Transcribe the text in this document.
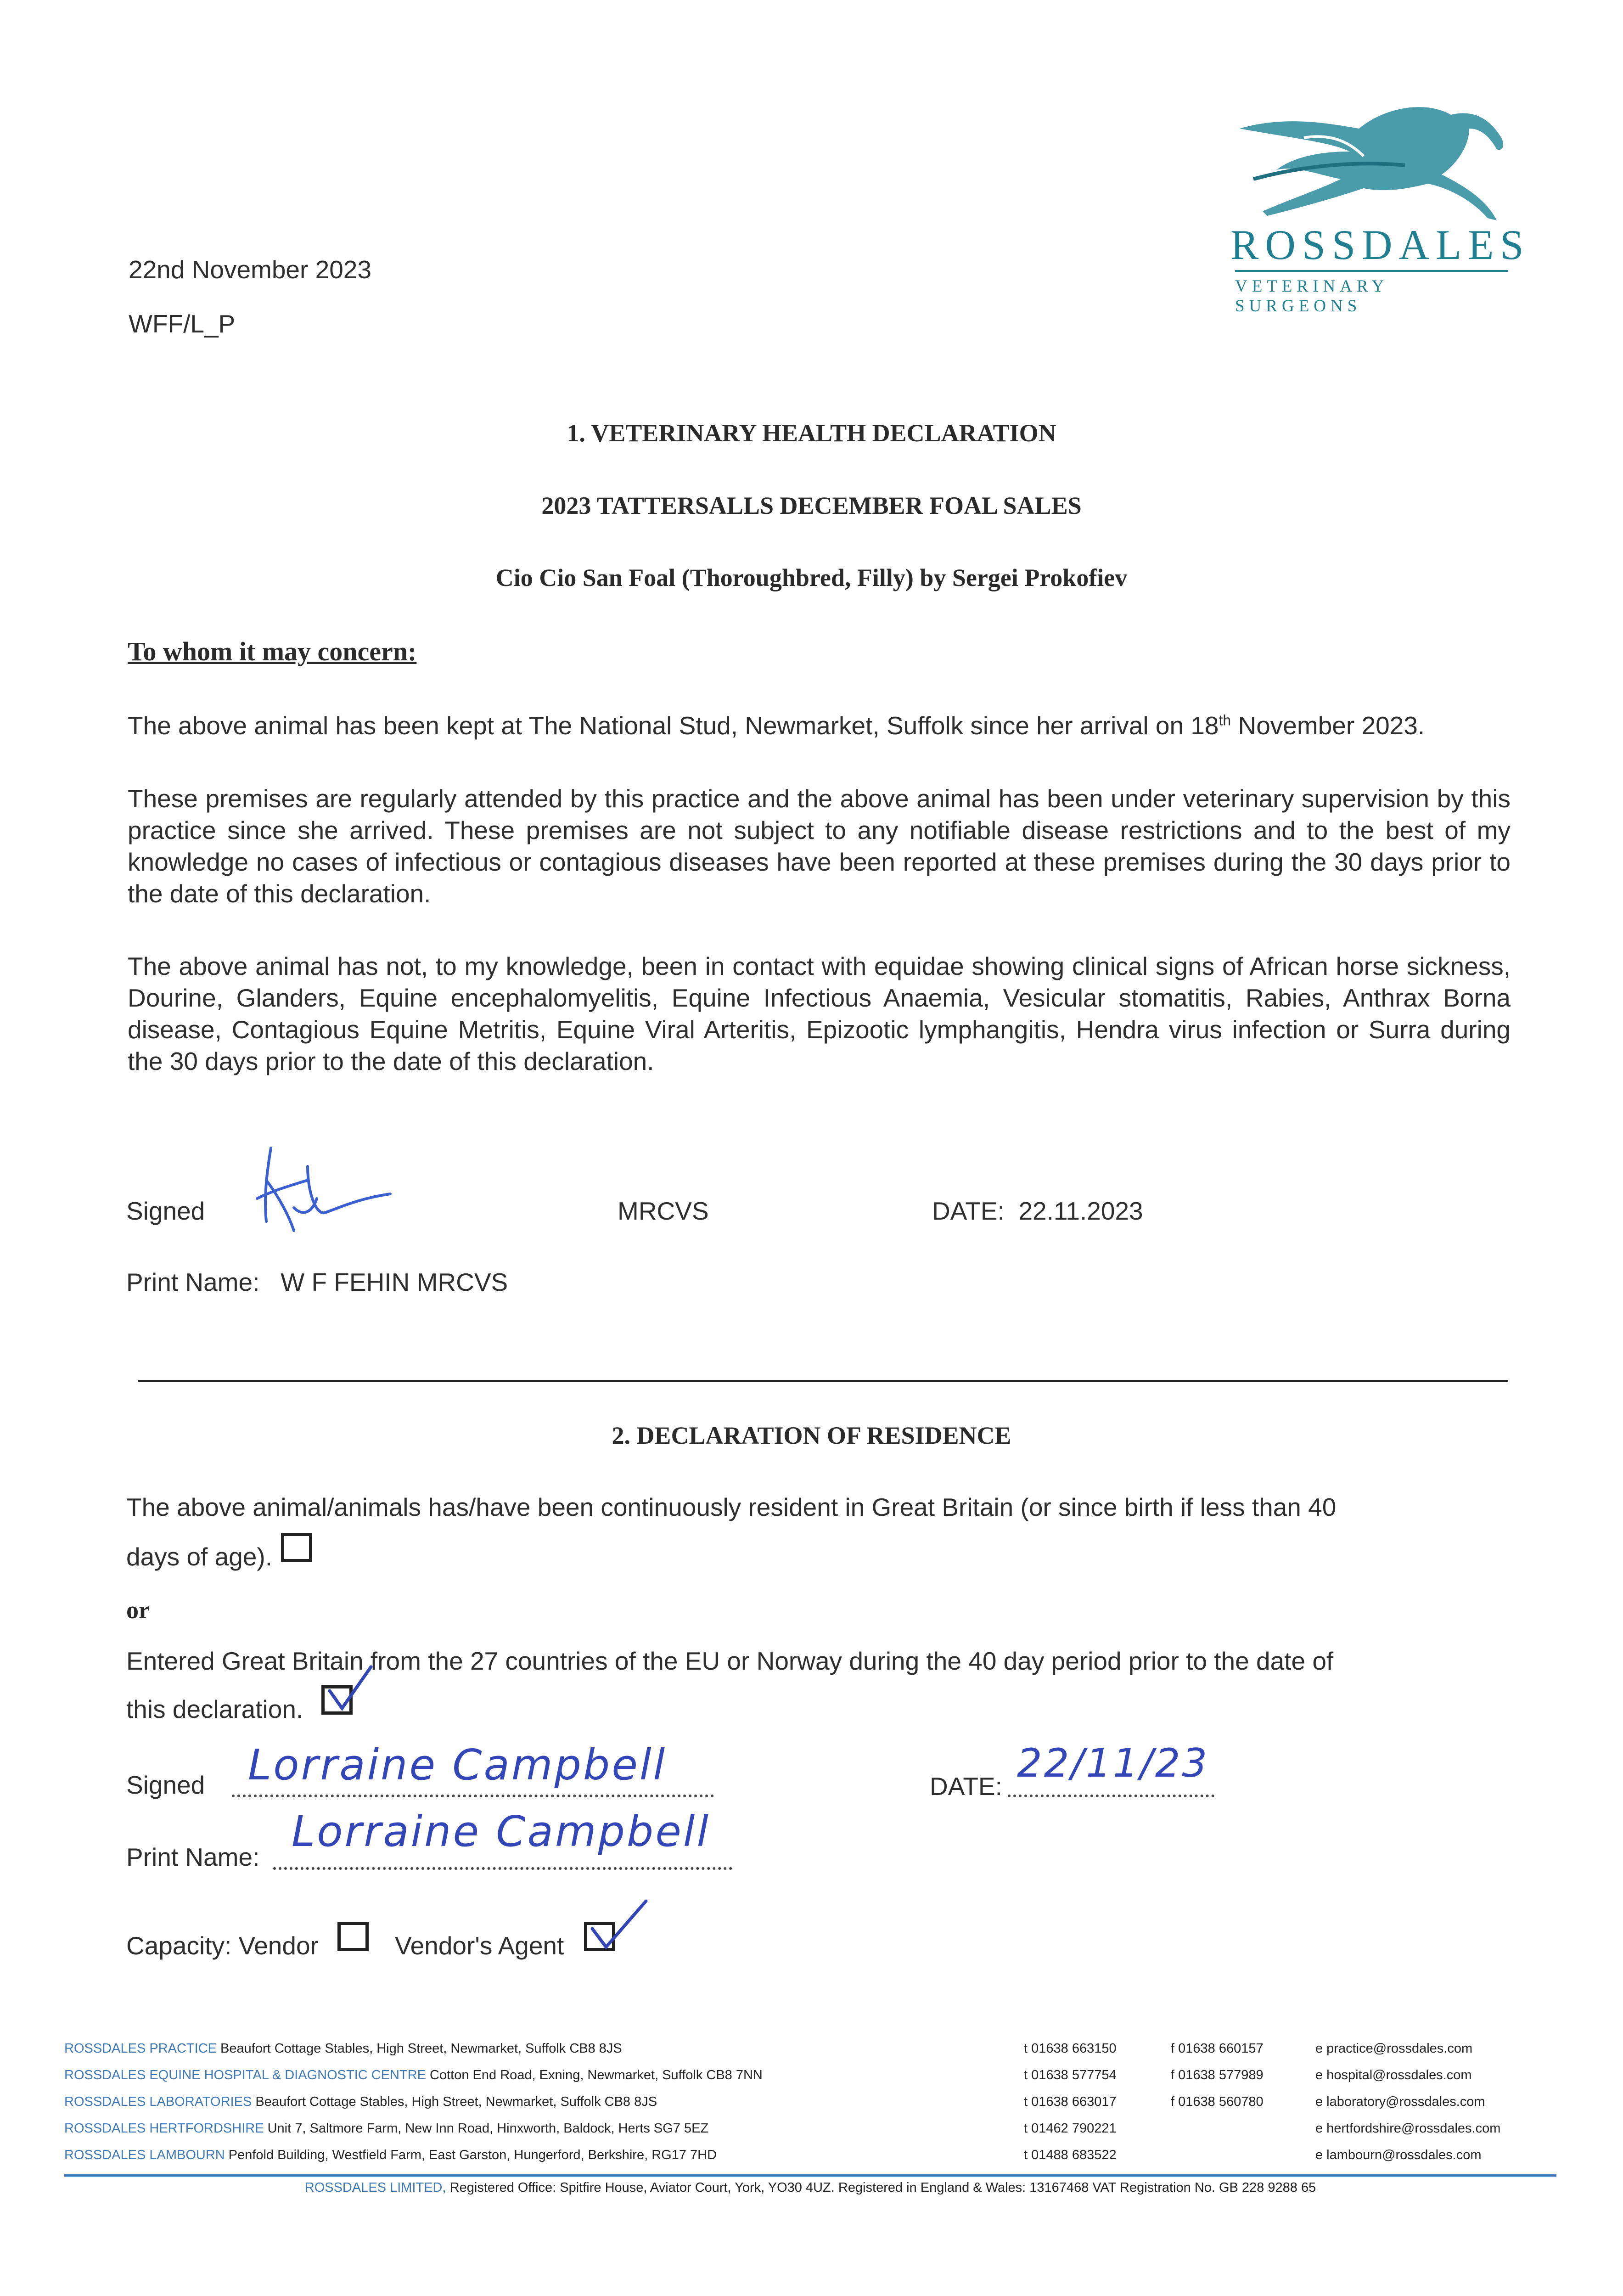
22nd November 2023
WFF/L_P
ROSSDALES
VETERINARY SURGEONS
1. VETERINARY HEALTH DECLARATION
2023 TATTERSALLS DECEMBER FOAL SALES
Cio Cio San Foal (Thoroughbred, Filly) by Sergei Prokofiev
To whom it may concern:
The above animal has been kept at The National Stud, Newmarket, Suffolk since her arrival on 18th November 2023.
These premises are regularly attended by this practice and the above animal has been under veterinary supervision by this practice since she arrived. These premises are not subject to any notifiable disease restrictions and to the best of my knowledge no cases of infectious or contagious diseases have been reported at these premises during the 30 days prior to the date of this declaration.
The above animal has not, to my knowledge, been in contact with equidae showing clinical signs of African horse sickness, Dourine, Glanders, Equine encephalomyelitis, Equine Infectious Anaemia, Vesicular stomatitis, Rabies, Anthrax Borna disease, Contagious Equine Metritis, Equine Viral Arteritis, Epizootic lymphangitis, Hendra virus infection or Surra during the 30 days prior to the date of this declaration.
Signed	MRCVS	DATE: 22.11.2023
Print Name: W F FEHIN MRCVS
2. DECLARATION OF RESIDENCE
The above animal/animals has/have been continuously resident in Great Britain (or since birth if less than 40
days of age).
or
Entered Great Britain from the 27 countries of the EU or Norway during the 40 day period prior to the date of
this declaration.
Signed Lorraine Campbell	DATE: 22/11/23
Print Name:
Lorraine Campbell
Capacity: Vendor	Vendor's Agent
ROSSDALES PRACTICE Beaufort Cottage Stables, High Street, Newmarket, Suffolk CB8 8JS	t 01638 663150	f 01638 660157	e practice@rossdales.com
ROSSDALES EQUINE HOSPITAL & DIAGNOSTIC CENTRE Cotton End Road, Exning, Newmarket, Suffolk CB8 7NN	t 01638 577754	f 01638 577989	e hospital@rossdales.com
ROSSDALES LABORATORIES Beaufort Cottage Stables, High Street, Newmarket, Suffolk CB8 8JS	t 01638 663017	f 01638 560780	e laboratory@rossdales.com
ROSSDALES HERTFORDSHIRE Unit 7, Saltmore Farm, New Inn Road, Hinxworth, Baldock, Herts SG7 5EZ	t 01462 790221	e hertfordshire@rossdales.com
ROSSDALES LAMBOURN Penfold Building, Westfield Farm, East Garston, Hungerford, Berkshire, RG17 7HD	t 01488 683522	e lambourn@rossdales.com
ROSSDALES LIMITED, Registered Office: Spitfire House, Aviator Court, York, YO30 4UZ. Registered in England & Wales: 13167468 VAT Registration No. GB 228 9288 65
